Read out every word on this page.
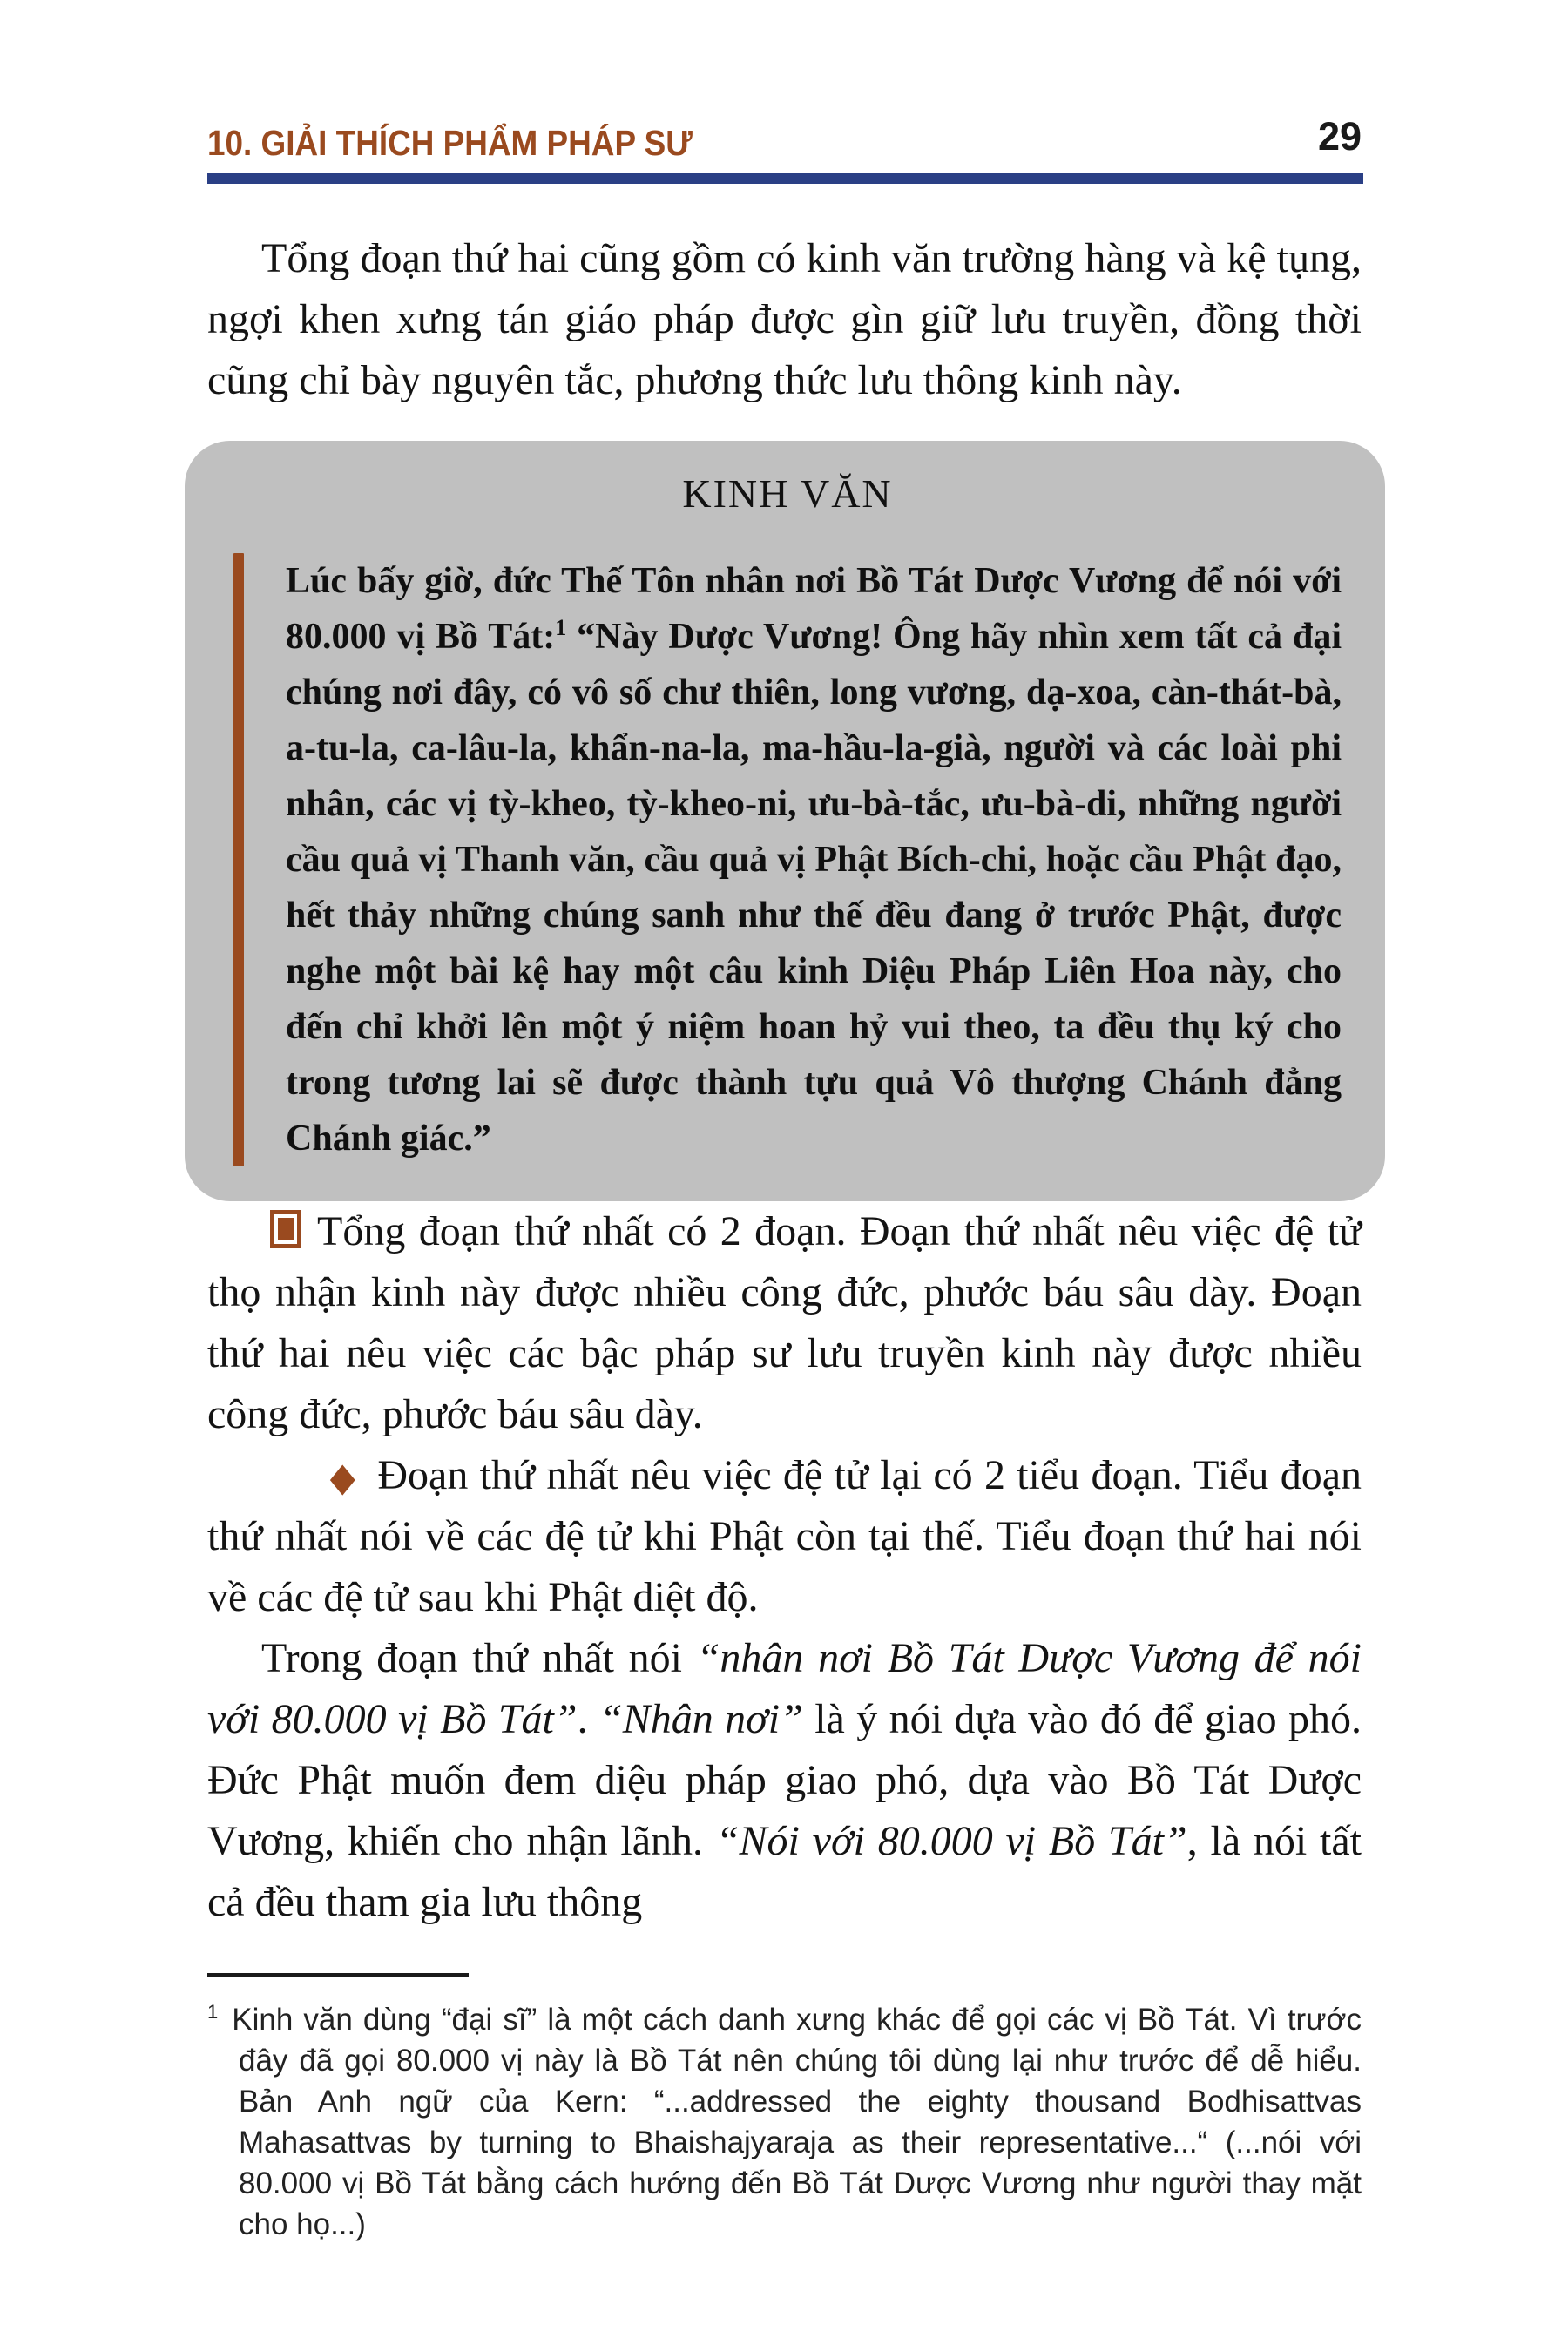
10. GIẢI THÍCH PHẨM PHÁP SƯ	29

Tổng đoạn thứ hai cũng gồm có kinh văn trường hàng và kệ tụng, ngợi khen xưng tán giáo pháp được gìn giữ lưu truyền, đồng thời cũng chỉ bày nguyên tắc, phương thức lưu thông kinh này.

KINH VĂN
Lúc bấy giờ, đức Thế Tôn nhân nơi Bồ Tát Dược Vương để nói với 80.000 vị Bồ Tát:$^1$ “Này Dược Vương! Ông hãy nhìn xem tất cả đại chúng nơi đây, có vô số chư thiên, long vương, dạ-xoa, càn-thát-bà, a-tu-la, ca-lâu-la, khẩn-na-la, ma-hầu-la-già, người và các loài phi nhân, các vị tỳ-kheo, tỳ-kheo-ni, ưu-bà-tắc, ưu-bà-di, những người cầu quả vị Thanh văn, cầu quả vị Phật Bích-chi, hoặc cầu Phật đạo, hết thảy những chúng sanh như thế đều đang ở trước Phật, được nghe một bài kệ hay một câu kinh Diệu Pháp Liên Hoa này, cho đến chỉ khởi lên một ý niệm hoan hỷ vui theo, ta đều thụ ký cho trong tương lai sẽ được thành tựu quả Vô thượng Chánh đẳng Chánh giác.”

Tổng đoạn thứ nhất có 2 đoạn. Đoạn thứ nhất nêu việc đệ tử thọ nhận kinh này được nhiều công đức, phước báu sâu dày. Đoạn thứ hai nêu việc các bậc pháp sư lưu truyền kinh này được nhiều công đức, phước báu sâu dày.

◆ Đoạn thứ nhất nêu việc đệ tử lại có 2 tiểu đoạn. Tiểu đoạn thứ nhất nói về các đệ tử khi Phật còn tại thế. Tiểu đoạn thứ hai nói về các đệ tử sau khi Phật diệt độ.

Trong đoạn thứ nhất nói “nhân nơi Bồ Tát Dược Vương để nói với 80.000 vị Bồ Tát”. “Nhân nơi” là ý nói dựa vào đó để giao phó. Đức Phật muốn đem diệu pháp giao phó, dựa vào Bồ Tát Dược Vương, khiến cho nhận lãnh. “Nói với 80.000 vị Bồ Tát”, là nói tất cả đều tham gia lưu thông

$^1$ Kinh văn dùng “đại sĩ” là một cách danh xưng khác để gọi các vị Bồ Tát. Vì trước đây đã gọi 80.000 vị này là Bồ Tát nên chúng tôi dùng lại như trước để dễ hiểu. Bản Anh ngữ của Kern: “...addressed the eighty thousand Bodhisattvas Mahasattvas by turning to Bhaishajyaraja as their representative...“ (...nói với 80.000 vị Bồ Tát bằng cách hướng đến Bồ Tát Dược Vương như người thay mặt cho họ...)
